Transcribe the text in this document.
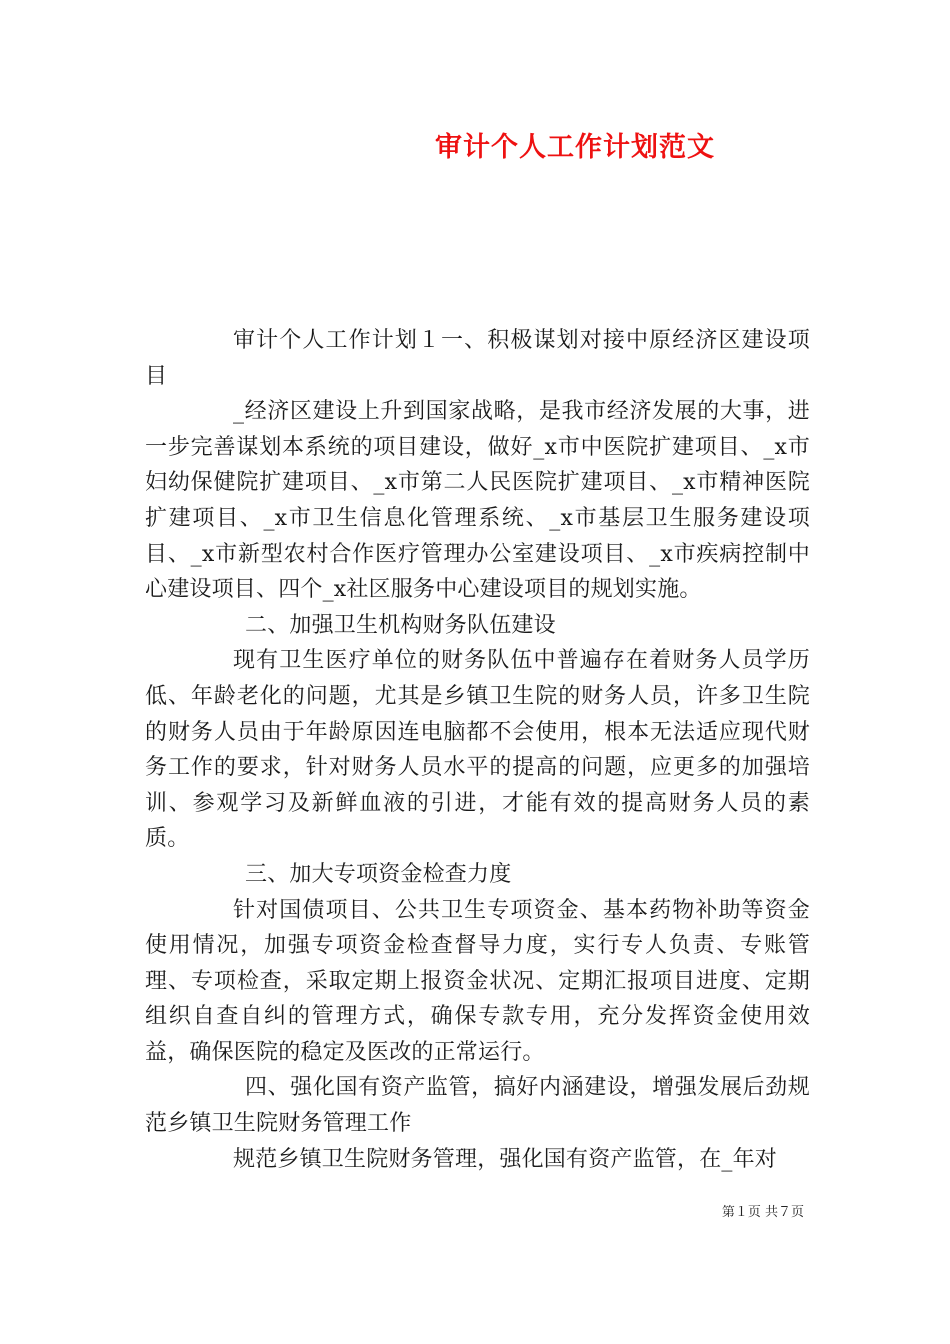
审计个人工作计划范文

审计个人工作计划１一、积极谋划对接中原经济区建设项目

_经济区建设上升到国家战略，是我市经济发展的大事，进一步完善谋划本系统的项目建设，做好_x市中医院扩建项目、_x市妇幼保健院扩建项目、_x市第二人民医院扩建项目、_x市精神医院扩建项目、_x市卫生信息化管理系统、_x市基层卫生服务建设项目、_x市新型农村合作医疗管理办公室建设项目、_x市疾病控制中心建设项目、四个_x社区服务中心建设项目的规划实施。

二、加强卫生机构财务队伍建设

现有卫生医疗单位的财务队伍中普遍存在着财务人员学历低、年龄老化的问题，尤其是乡镇卫生院的财务人员，许多卫生院的财务人员由于年龄原因连电脑都不会使用，根本无法适应现代财务工作的要求，针对财务人员水平的提高的问题，应更多的加强培训、参观学习及新鲜血液的引进，才能有效的提高财务人员的素质。

三、加大专项资金检查力度

针对国债项目、公共卫生专项资金、基本药物补助等资金使用情况，加强专项资金检查督导力度，实行专人负责、专账管理、专项检查，采取定期上报资金状况、定期汇报项目进度、定期组织自查自纠的管理方式，确保专款专用，充分发挥资金使用效益，确保医院的稳定及医改的正常运行。

四、强化国有资产监管，搞好内涵建设，增强发展后劲规范乡镇卫生院财务管理工作

规范乡镇卫生院财务管理，强化国有资产监管，在_年对

第１页 共７页
